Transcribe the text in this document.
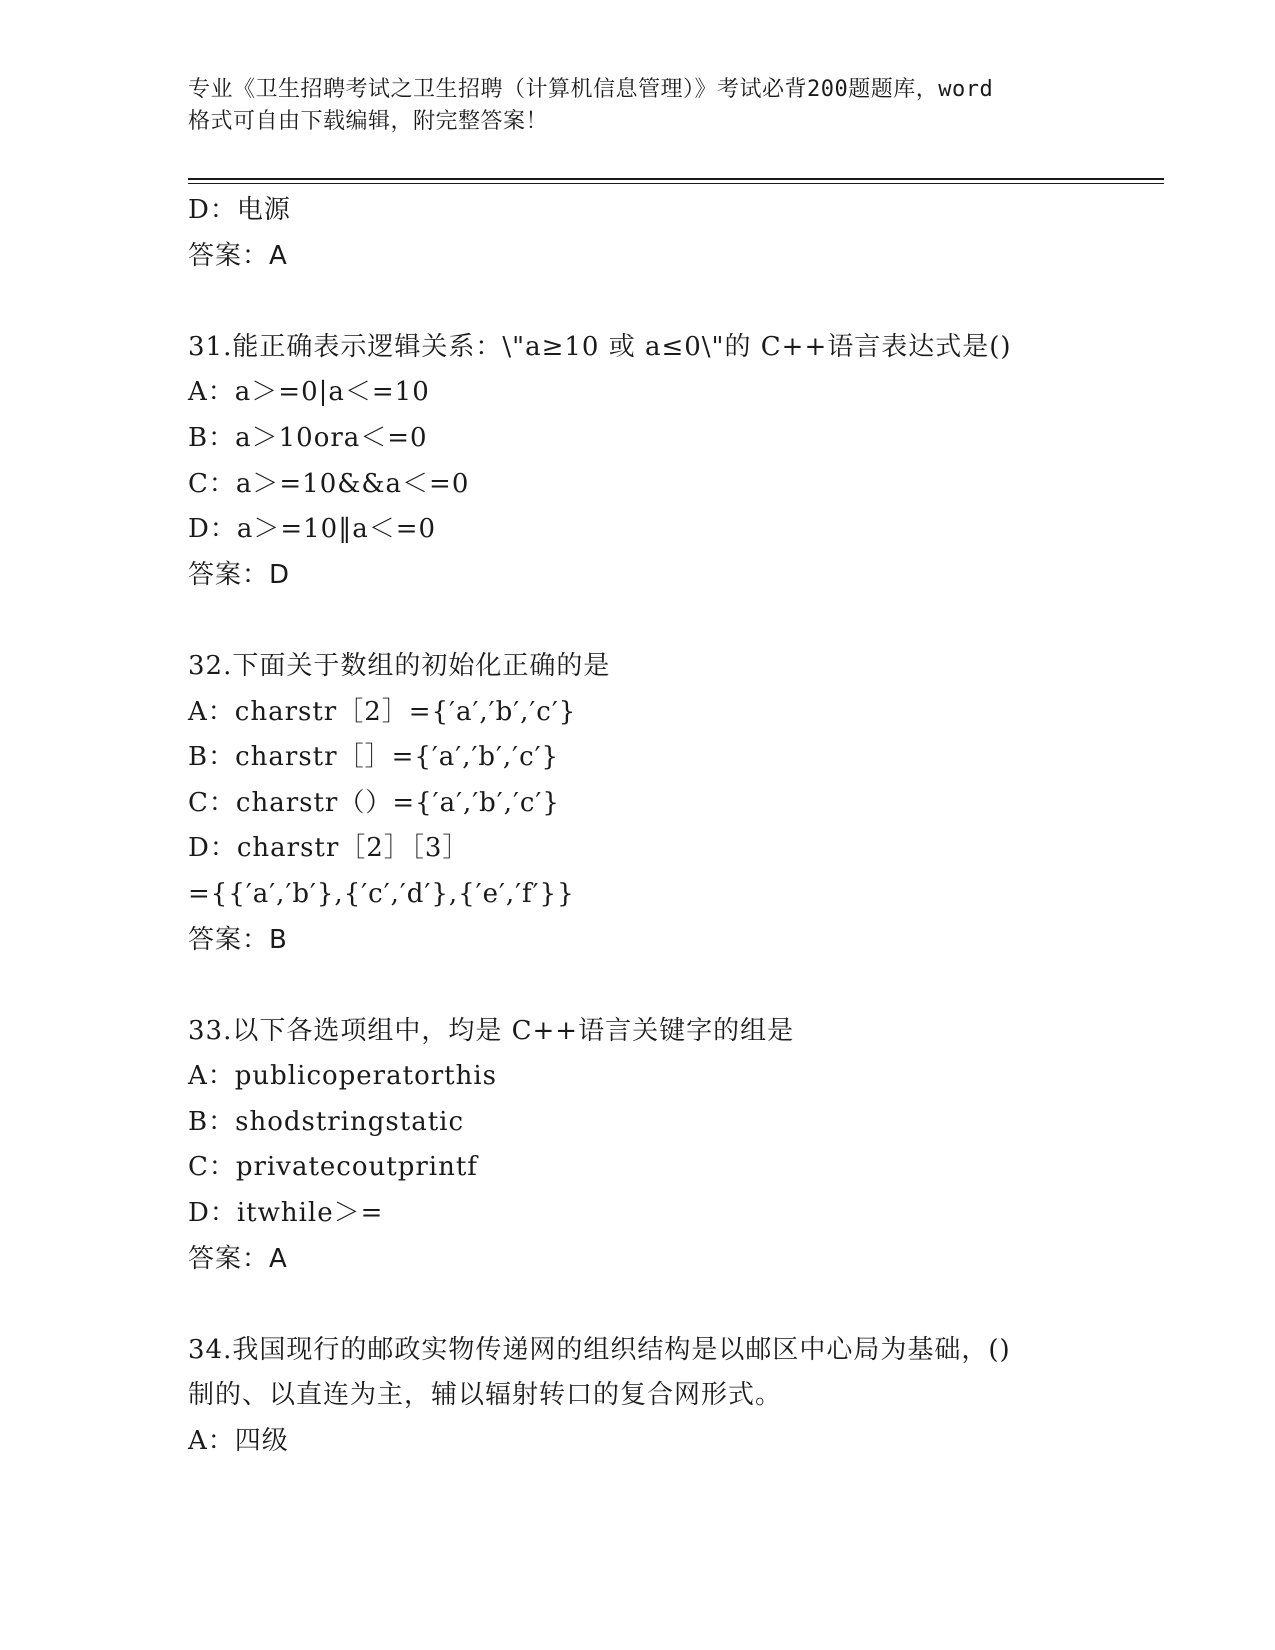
专业《卫生招聘考试之卫生招聘（计算机信息管理）》考试必背200题题库，word
格式可自由下载编辑，附完整答案！
D：电源
答案：A
31.能正确表示逻辑关系：\"a≥10 或 a≤0\"的 C++语言表达式是()
A：a＞=0|a＜=10
B：a＞10ora＜=0
C：a＞=10&&a＜=0
D：a＞=10‖a＜=0
答案：D
32.下面关于数组的初始化正确的是
A：charstr［2］={′a′,′b′,′c′}
B：charstr［］={′a′,′b′,′c′}
C：charstr（）={′a′,′b′,′c′}
D：charstr［2］［3］
={{′a′,′b′},{′c′,′d′},{′e′,′f′}}
答案：B
33.以下各选项组中，均是 C++语言关键字的组是
A：publicoperatorthis
B：shodstringstatic
C：privatecoutprintf
D：itwhile＞=
答案：A
34.我国现行的邮政实物传递网的组织结构是以邮区中心局为基础，()
制的、以直连为主，辅以辐射转口的复合网形式。
A：四级
